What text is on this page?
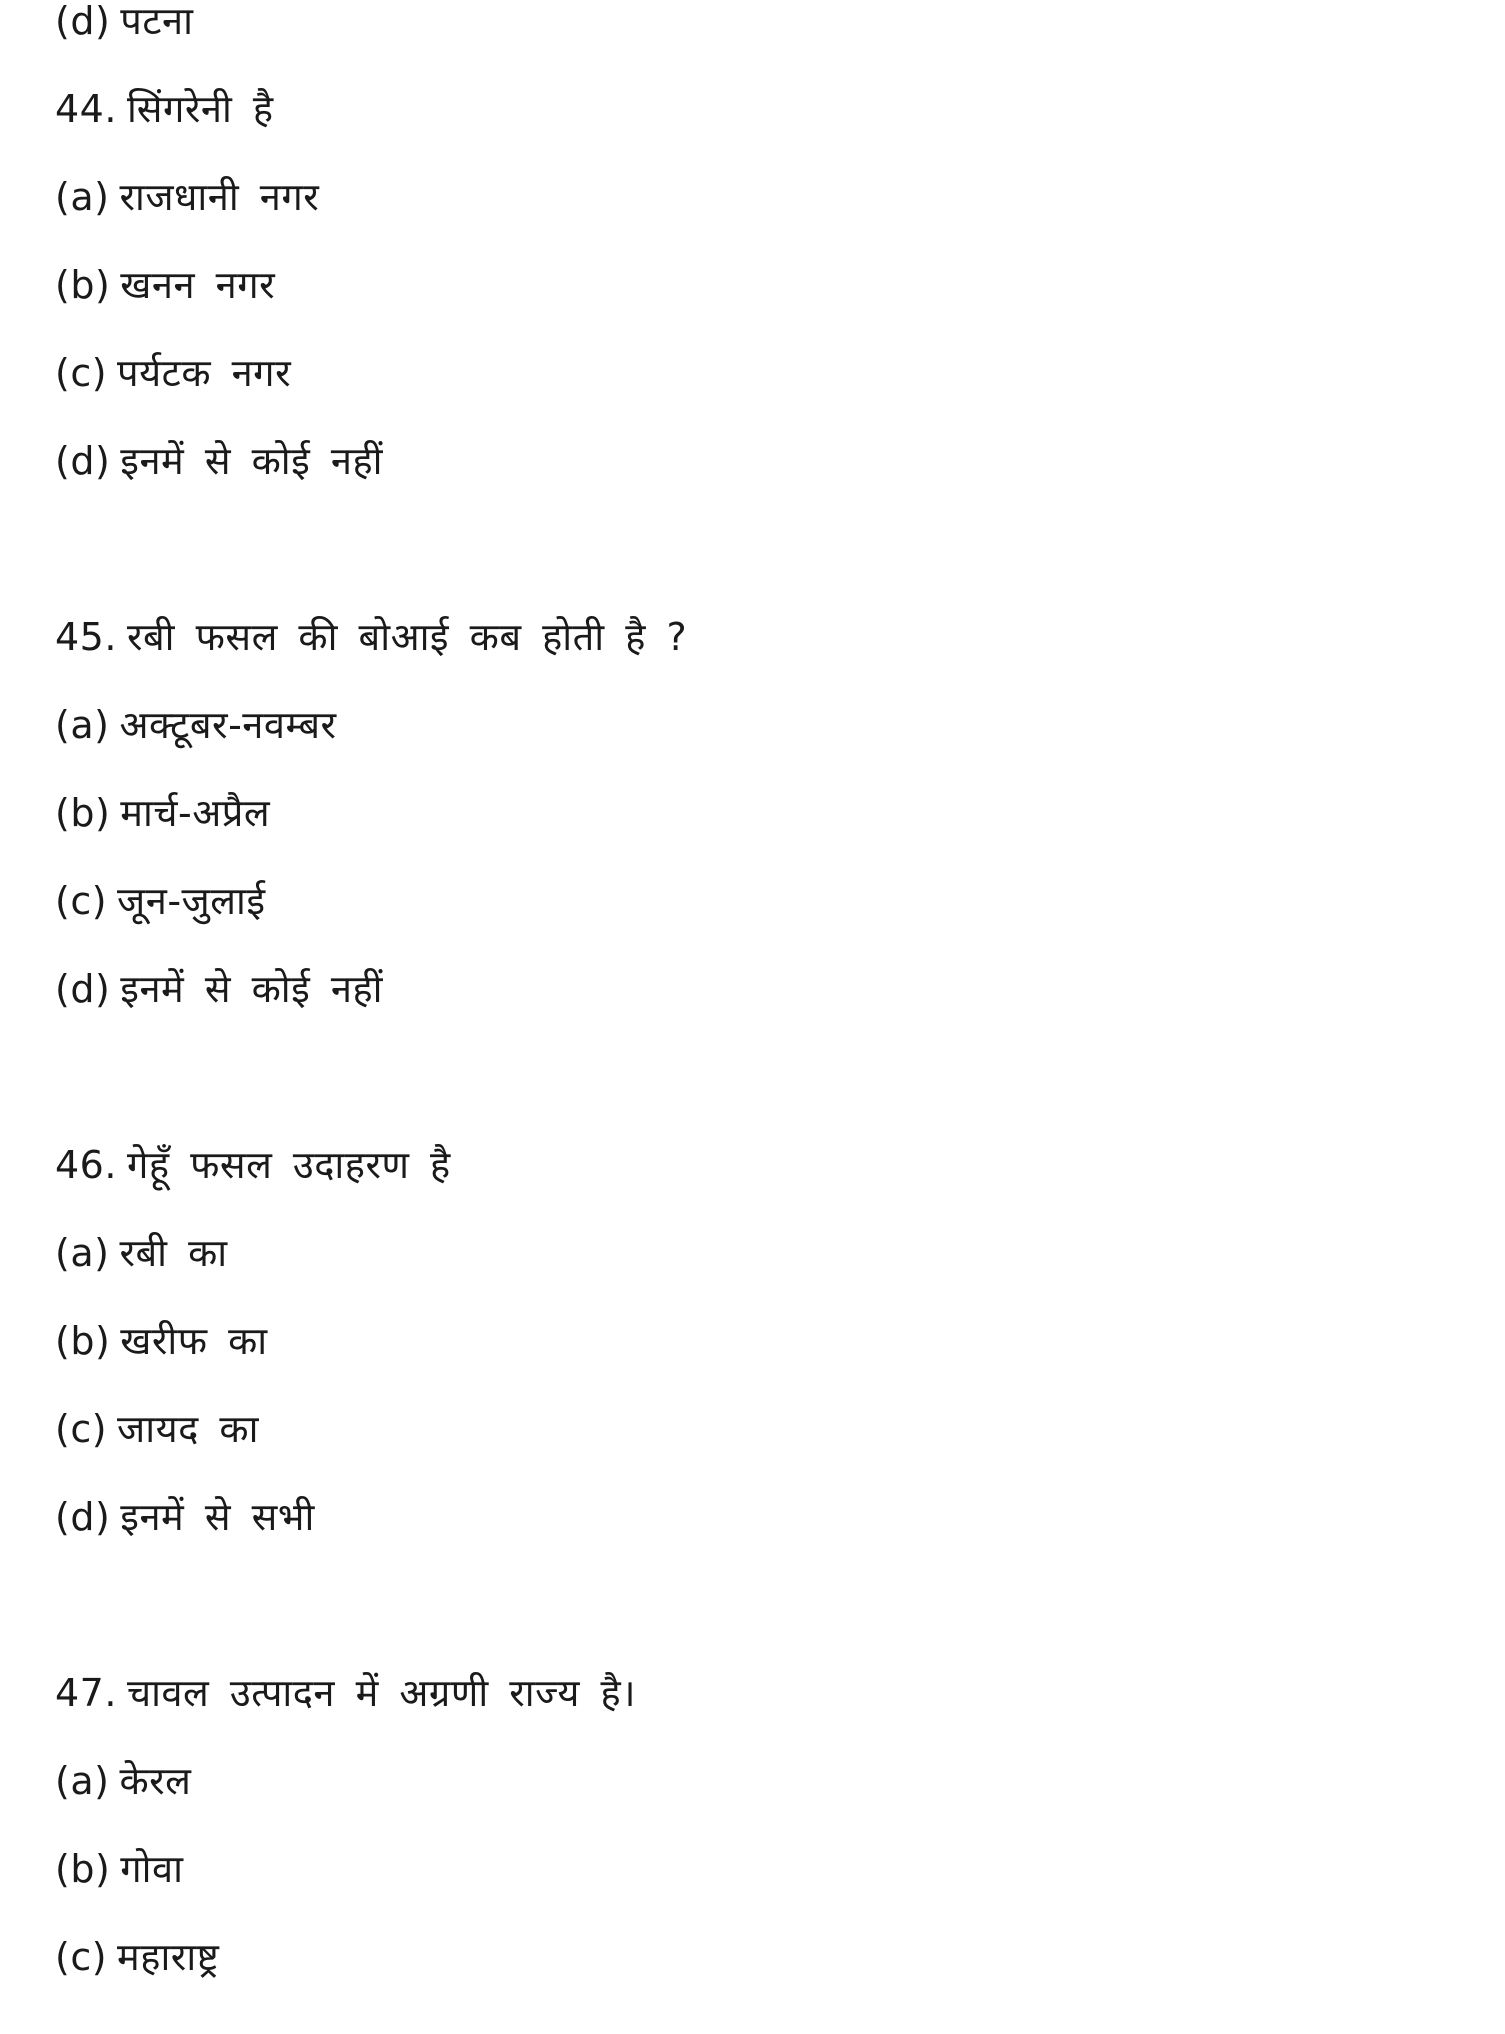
(d) पटना
44. सिंगरेनी है
(a) राजधानी नगर
(b) खनन नगर
(c) पर्यटक नगर
(d) इनमें से कोई नहीं
45. रबी फसल की बोआई कब होती है ?
(a) अक्टूबर-नवम्बर
(b) मार्च-अप्रैल
(c) जून-जुलाई
(d) इनमें से कोई नहीं
46. गेहूँ फसल उदाहरण है
(a) रबी का
(b) खरीफ का
(c) जायद का
(d) इनमें से सभी
47. चावल उत्पादन में अग्रणी राज्य है।
(a) केरल
(b) गोवा
(c) महाराष्ट्र
